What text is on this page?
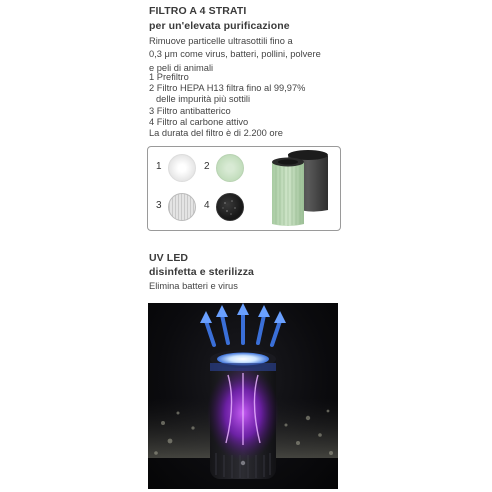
FILTRO A 4 STRATI
per un'elevata purificazione
Rimuove particelle ultrasottili fino a
0,3 μm come virus, batteri, pollini, polvere
e peli di animali
1 Prefiltro
2 Filtro HEPA H13 filtra fino al 99,97%
delle impurità più sottili
3 Filtro antibatterico
4 Filtro al carbone attivo
La durata del filtro è di 2.200 ore
1	2
3	4
UV LED
disinfetta e sterilizza
Elimina batteri e virus
